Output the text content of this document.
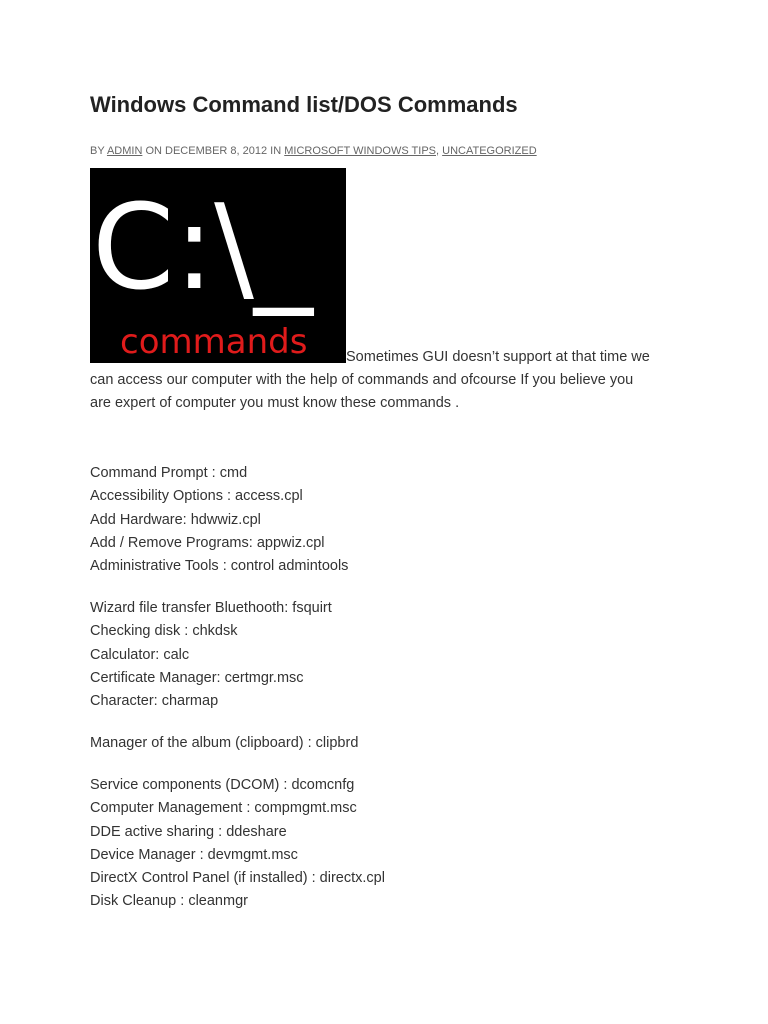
Windows Command list/DOS Commands
BY ADMIN ON DECEMBER 8, 2012 IN MICROSOFT WINDOWS TIPS, UNCATEGORIZED
C:\_
commands	Sometimes GUI doesn’t support at that time we
can access our computer with the help of commands and ofcourse If you believe you
are expert of computer you must know these commands .
Command Prompt : cmd
Accessibility Options : access.cpl
Add Hardware: hdwwiz.cpl
Add / Remove Programs: appwiz.cpl
Administrative Tools : control admintools
Wizard file transfer Bluethooth: fsquirt
Checking disk : chkdsk
Calculator: calc
Certificate Manager: certmgr.msc
Character: charmap
Manager of the album (clipboard) : clipbrd
Service components (DCOM) : dcomcnfg
Computer Management : compmgmt.msc
DDE active sharing : ddeshare
Device Manager : devmgmt.msc
DirectX Control Panel (if installed) : directx.cpl
Disk Cleanup : cleanmgr
